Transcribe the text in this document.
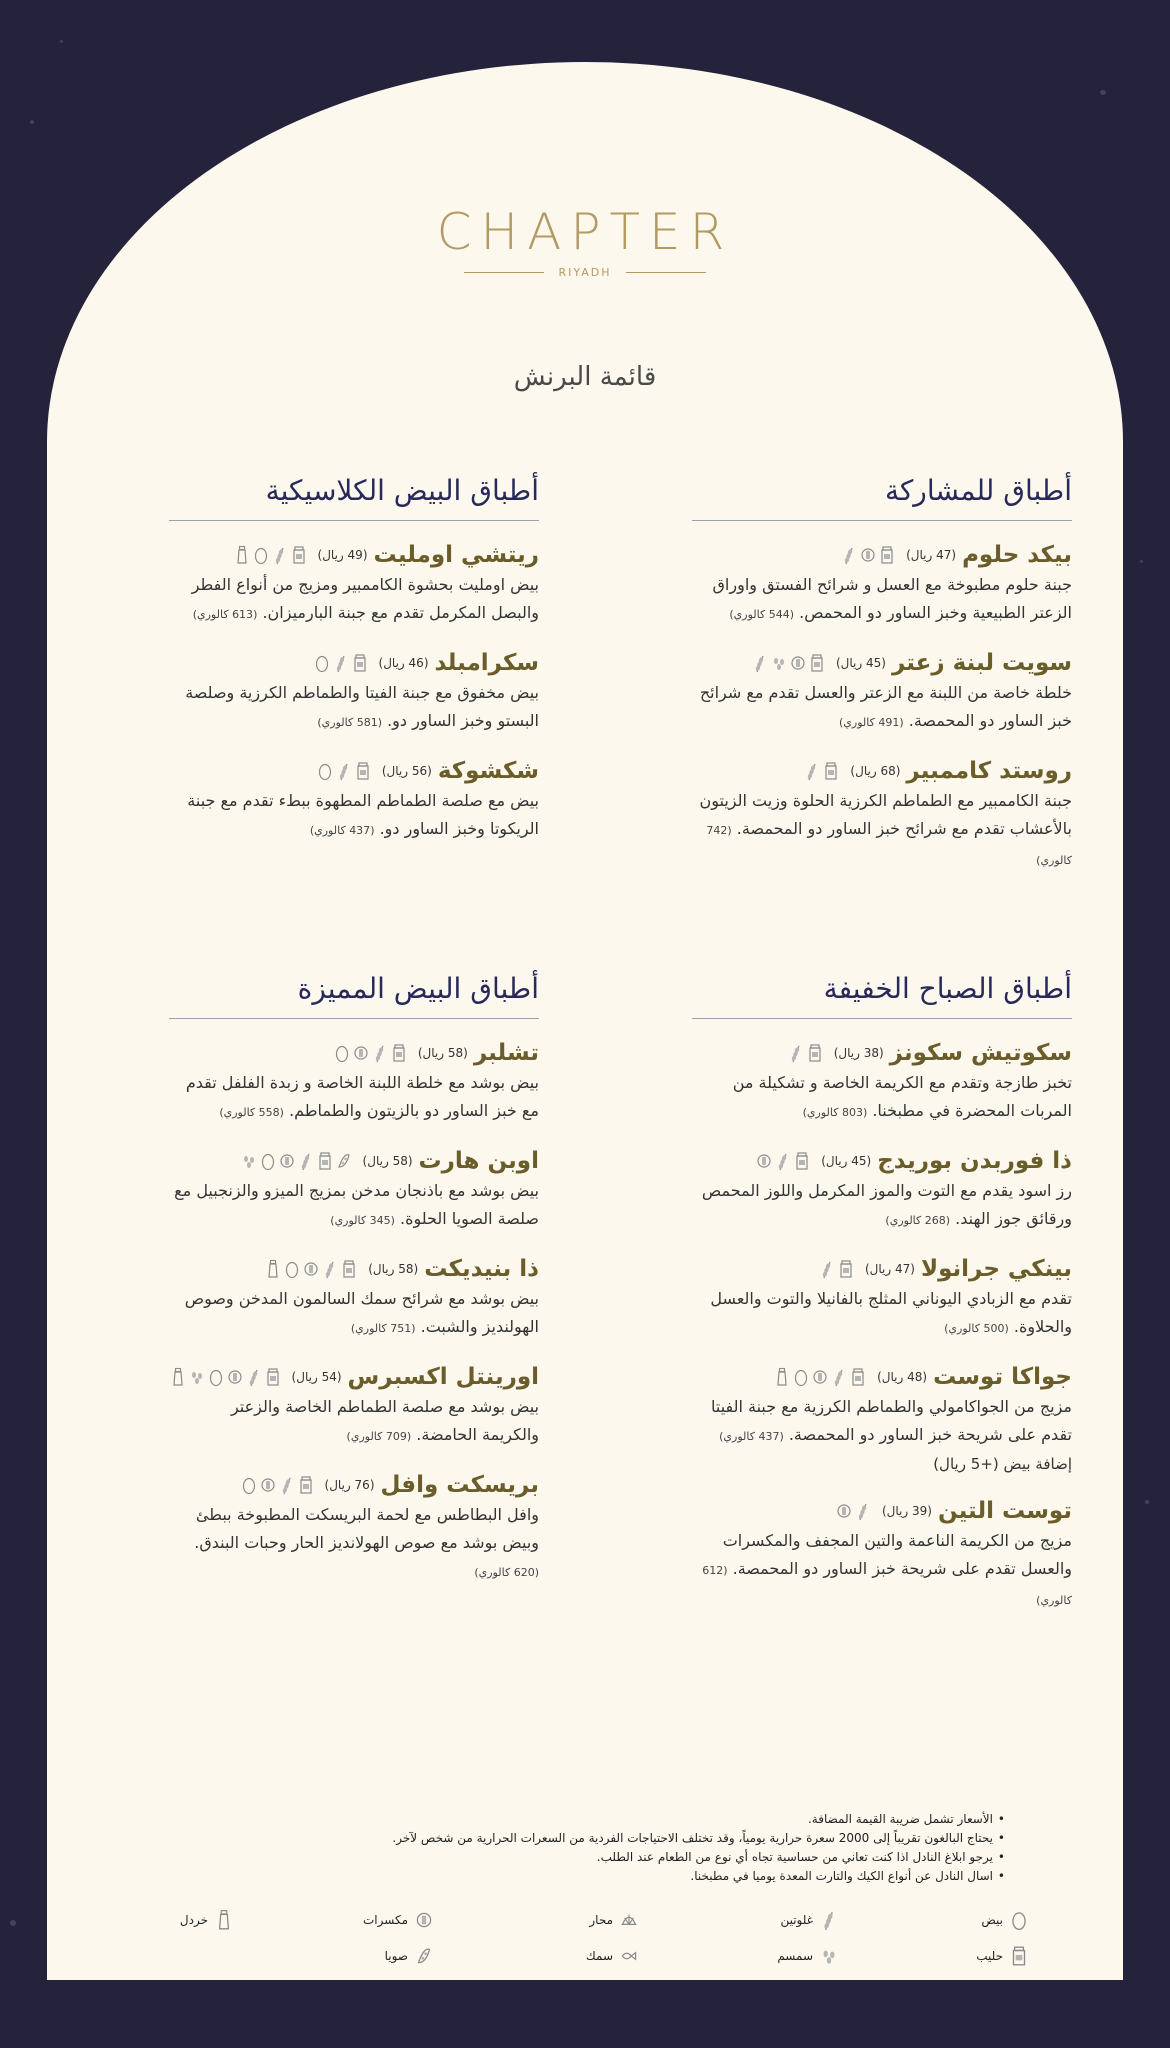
CHAPTER
RIYADH
قائمة البرنش
أطباق للمشاركة
بيكد حلوم
(47 ريال)
جبنة حلوم مطبوخة مع العسل و شرائح الفستق واوراق الزعتر الطبيعية وخبز الساور دو المحمص. (544 كالوري)
سويت لبنة زعتر
(45 ريال)
خلطة خاصة من اللبنة مع الزعتر والعسل تقدم مع شرائح خبز الساور دو المحمصة. (491 كالوري)
روستد كاممبير
(68 ريال)
جبنة الكاممبير مع الطماطم الكرزية الحلوة وزيت الزيتون بالأعشاب تقدم مع شرائح خبز الساور دو المحمصة. (742 كالوري)
أطباق البيض الكلاسيكية
ريتشي اومليت
(49 ريال)
بيض اومليت بحشوة الكاممبير ومزيج من أنواع الفطر والبصل المكرمل تقدم مع جبنة البارميزان. (613 كالوري)
سكرامبلد
(46 ريال)
بيض مخفوق مع جبنة الفيتا والطماطم الكرزية وصلصة البستو وخبز الساور دو. (581 كالوري)
شكشوكة
(56 ريال)
بيض مع صلصة الطماطم المطهوة ببطء تقدم مع جبنة الريكوتا وخبز الساور دو. (437 كالوري)
أطباق الصباح الخفيفة
سكوتيش سكونز
(38 ريال)
تخبز طازجة وتقدم مع الكريمة الخاصة و تشكيلة من المربات المحضرة في مطبخنا. (803 كالوري)
ذا فوربدن بوريدج
(45 ريال)
رز اسود يقدم مع التوت والموز المكرمل واللوز المحمص ورقائق جوز الهند. (268 كالوري)
بينكي جرانولا
(47 ريال)
تقدم مع الزبادي اليوناني المثلج بالفانيلا والتوت والعسل والحلاوة. (500 كالوري)
جواكا توست
(48 ريال)
مزيج من الجواكامولي والطماطم الكرزية مع جبنة الفيتا تقدم على شريحة خبز الساور دو المحمصة. (437 كالوري)
إضافة بيض (+5 ريال)
توست التين
(39 ريال)
مزيج من الكريمة الناعمة والتين المجفف والمكسرات والعسل تقدم على شريحة خبز الساور دو المحمصة. (612 كالوري)
أطباق البيض المميزة
تشلبر
(58 ريال)
بيض بوشد مع خلطة اللبنة الخاصة و زبدة الفلفل تقدم مع خبز الساور دو بالزيتون والطماطم. (558 كالوري)
اوبن هارت
(58 ريال)
بيض بوشد مع باذنجان مدخن بمزيج الميزو والزنجبيل مع صلصة الصويا الحلوة. (345 كالوري)
ذا بنيديكت
(58 ريال)
بيض بوشد مع شرائح سمك السالمون المدخن وصوص الهولنديز والشبت. (751 كالوري)
اورينتل اكسبرس
(54 ريال)
بيض بوشد مع صلصة الطماطم الخاصة والزعتر والكريمة الحامضة. (709 كالوري)
بريسكت وافل
(76 ريال)
وافل البطاطس مع لحمة البريسكت المطبوخة ببطئ وبيض بوشد مع صوص الهولانديز الحار وحبات البندق. (620 كالوري)
• الأسعار تشمل ضريبة القيمة المضافة.
• يحتاج البالغون تقريباً إلى 2000 سعرة حرارية يومياً، وقد تختلف الاحتياجات الفردية من السعرات الحرارية من شخص لآخر.
• يرجو ابلاغ النادل اذا كنت تعاني من حساسية تجاه أي نوع من الطعام عند الطلب.
• اسال النادل عن أنواع الكيك والتارت المعدة يوميا في مطبخنا.
بيض
غلوتين
محار
مكسرات
خردل
حليب
سمسم
سمك
صويا
